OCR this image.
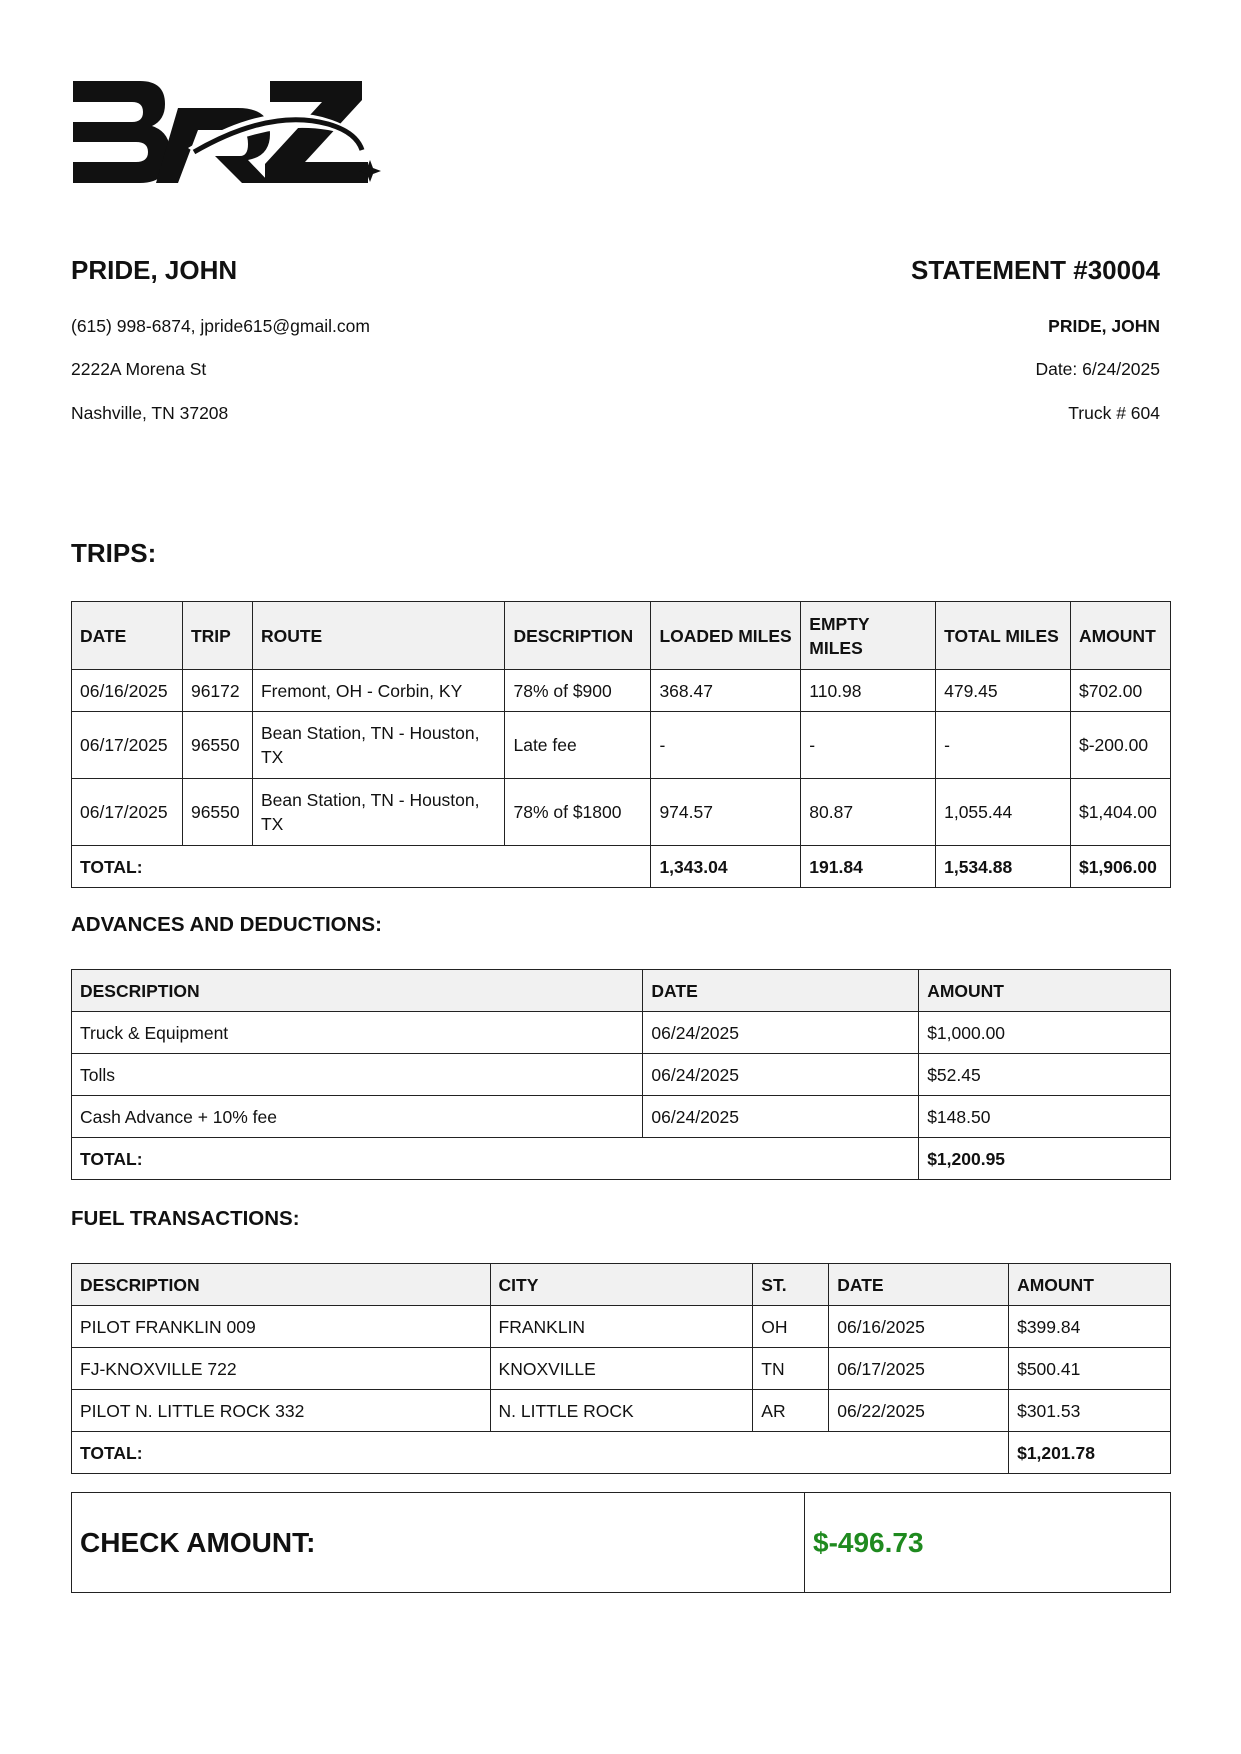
PRIDE, JOHN
(615) 998-6874, jpride615@gmail.com
2222A Morena St
Nashville, TN 37208
STATEMENT #30004
PRIDE, JOHN
Date: 6/24/2025
Truck # 604
TRIPS:
DATE	TRIP	ROUTE	DESCRIPTION	LOADED MILES	EMPTY MILES	TOTAL MILES	AMOUNT
06/16/2025	96172	Fremont, OH - Corbin, KY	78% of $900	368.47	110.98	479.45	$702.00
06/17/2025	96550	Bean Station, TN - Houston, TX	Late fee	-	-	-	$-200.00
06/17/2025	96550	Bean Station, TN - Houston, TX	78% of $1800	974.57	80.87	1,055.44	$1,404.00
TOTAL:				1,343.04	191.84	1,534.88	$1,906.00
ADVANCES AND DEDUCTIONS:
DESCRIPTION	DATE	AMOUNT
Truck & Equipment	06/24/2025	$1,000.00
Tolls	06/24/2025	$52.45
Cash Advance + 10% fee	06/24/2025	$148.50
TOTAL:		$1,200.95
FUEL TRANSACTIONS:
DESCRIPTION	CITY	ST.	DATE	AMOUNT
PILOT FRANKLIN 009	FRANKLIN	OH	06/16/2025	$399.84
FJ-KNOXVILLE 722	KNOXVILLE	TN	06/17/2025	$500.41
PILOT N. LITTLE ROCK 332	N. LITTLE ROCK	AR	06/22/2025	$301.53
TOTAL:				$1,201.78
CHECK AMOUNT:	$-496.73
